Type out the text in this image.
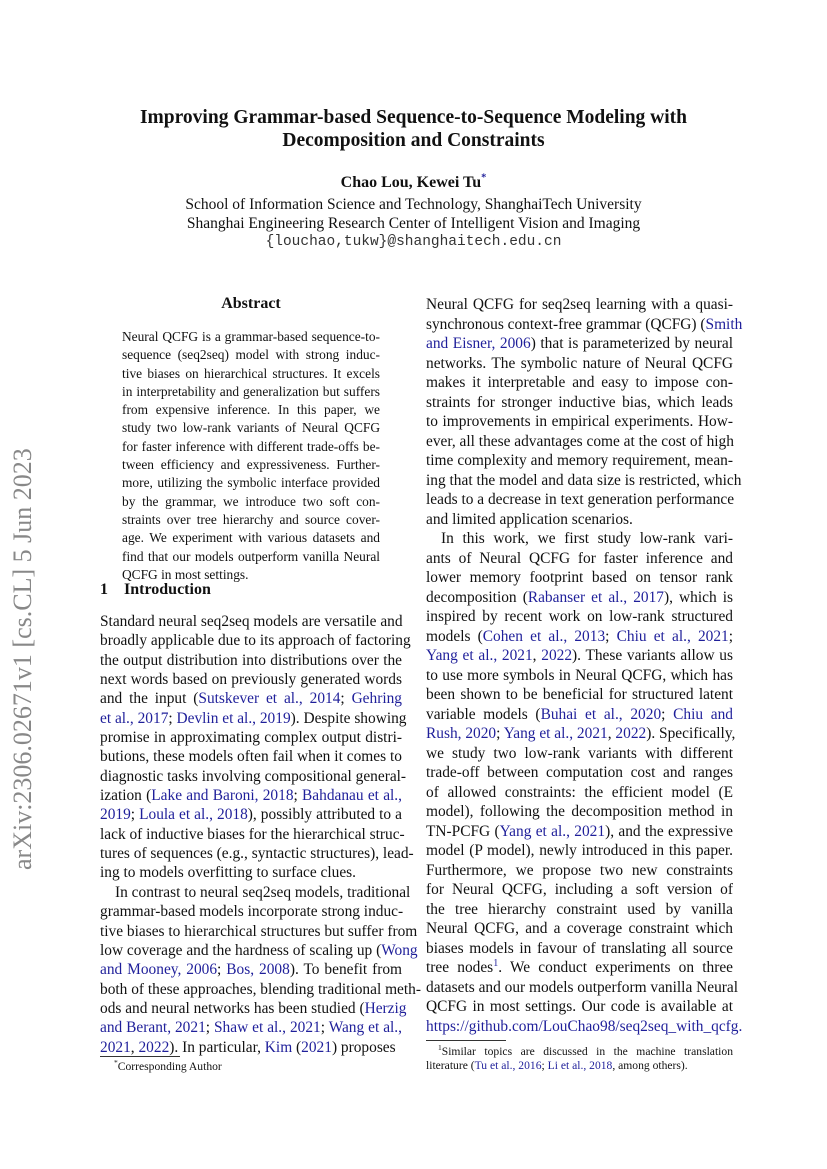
arXiv:2306.02671v1 [cs.CL] 5 Jun 2023
Improving Grammar-based Sequence-to-Sequence Modeling with
Decomposition and Constraints
Chao Lou, Kewei Tu*
School of Information Science and Technology, ShanghaiTech University
Shanghai Engineering Research Center of Intelligent Vision and Imaging
{louchao,tukw}@shanghaitech.edu.cn
Abstract
Neural QCFG is a grammar-based sequence-to-
sequence (seq2seq) model with strong induc-
tive biases on hierarchical structures. It excels
in interpretability and generalization but suffers
from expensive inference. In this paper, we
study two low-rank variants of Neural QCFG
for faster inference with different trade-offs be-
tween efficiency and expressiveness. Further-
more, utilizing the symbolic interface provided
by the grammar, we introduce two soft con-
straints over tree hierarchy and source cover-
age. We experiment with various datasets and
find that our models outperform vanilla Neural
QCFG in most settings.
1 Introduction
Standard neural seq2seq models are versatile and
broadly applicable due to its approach of factoring
the output distribution into distributions over the
next words based on previously generated words
and the input (Sutskever et al., 2014; Gehring
et al., 2017; Devlin et al., 2019). Despite showing
promise in approximating complex output distri-
butions, these models often fail when it comes to
diagnostic tasks involving compositional general-
ization (Lake and Baroni, 2018; Bahdanau et al.,
2019; Loula et al., 2018), possibly attributed to a
lack of inductive biases for the hierarchical struc-
tures of sequences (e.g., syntactic structures), lead-
ing to models overfitting to surface clues.
In contrast to neural seq2seq models, traditional
grammar-based models incorporate strong induc-
tive biases to hierarchical structures but suffer from
low coverage and the hardness of scaling up (Wong
and Mooney, 2006; Bos, 2008). To benefit from
both of these approaches, blending traditional meth-
ods and neural networks has been studied (Herzig
and Berant, 2021; Shaw et al., 2021; Wang et al.,
2021, 2022). In particular, Kim (2021) proposes
Neural QCFG for seq2seq learning with a quasi-
synchronous context-free grammar (QCFG) (Smith
and Eisner, 2006) that is parameterized by neural
networks. The symbolic nature of Neural QCFG
makes it interpretable and easy to impose con-
straints for stronger inductive bias, which leads
to improvements in empirical experiments. How-
ever, all these advantages come at the cost of high
time complexity and memory requirement, mean-
ing that the model and data size is restricted, which
leads to a decrease in text generation performance
and limited application scenarios.
In this work, we first study low-rank vari-
ants of Neural QCFG for faster inference and
lower memory footprint based on tensor rank
decomposition (Rabanser et al., 2017), which is
inspired by recent work on low-rank structured
models (Cohen et al., 2013; Chiu et al., 2021;
Yang et al., 2021, 2022). These variants allow us
to use more symbols in Neural QCFG, which has
been shown to be beneficial for structured latent
variable models (Buhai et al., 2020; Chiu and
Rush, 2020; Yang et al., 2021, 2022). Specifically,
we study two low-rank variants with different
trade-off between computation cost and ranges
of allowed constraints: the efficient model (E
model), following the decomposition method in
TN-PCFG (Yang et al., 2021), and the expressive
model (P model), newly introduced in this paper.
Furthermore, we propose two new constraints
for Neural QCFG, including a soft version of
the tree hierarchy constraint used by vanilla
Neural QCFG, and a coverage constraint which
biases models in favour of translating all source
tree nodes$^1$. We conduct experiments on three
datasets and our models outperform vanilla Neural
QCFG in most settings. Our code is available at
https://github.com/LouChao98/seq2seq_with_qcfg.
*Corresponding Author
$^1$Similar topics are discussed in the machine translation
literature (Tu et al., 2016; Li et al., 2018, among others).
